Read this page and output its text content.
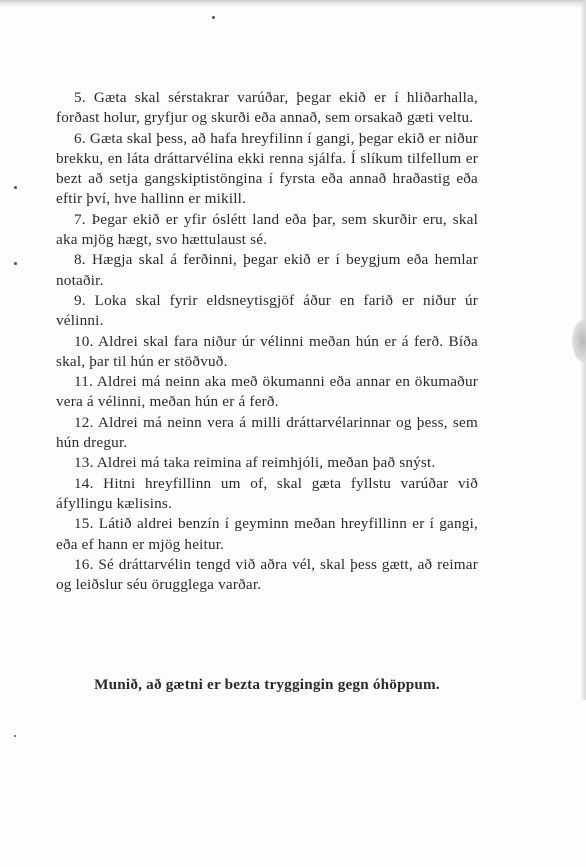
5. Gæta skal sérstakrar varúðar, þegar ekið er í hliðarhalla, forðast holur, gryfjur og skurði eða annað, sem orsakað gæti veltu.

6. Gæta skal þess, að hafa hreyfilinn í gangi, þegar ekið er niður brekku, en láta dráttarvélina ekki renna sjálfa. Í slíkum tilfellum er bezt að setja gangskiptistöngina í fyrsta eða annað hraðastig eða eftir því, hve hallinn er mikill.

7. Þegar ekið er yfir óslétt land eða þar, sem skurðir eru, skal aka mjög hægt, svo hættulaust sé.

8. Hægja skal á ferðinni, þegar ekið er í beygjum eða hemlar notaðir.

9. Loka skal fyrir eldsneytisgjöf áður en farið er niður úr vélinni.

10. Aldrei skal fara niður úr vélinni meðan hún er á ferð. Bíða skal, þar til hún er stöðvuð.

11. Aldrei má neinn aka með ökumanni eða annar en ökumaður vera á vélinni, meðan hún er á ferð.

12. Aldrei má neinn vera á milli dráttarvélarinnar og þess, sem hún dregur.

13. Aldrei má taka reimina af reimhjóli, meðan það snýst.

14. Hitni hreyfillinn um of, skal gæta fyllstu varúðar við áfyllingu kælisins.

15. Látið aldrei benzín í geyminn meðan hreyfillinn er í gangi, eða ef hann er mjög heitur.

16. Sé dráttarvélin tengd við aðra vél, skal þess gætt, að reimar og leiðslur séu örugglega varðar.

Munið, að gætni er bezta tryggingin gegn óhöppum.
